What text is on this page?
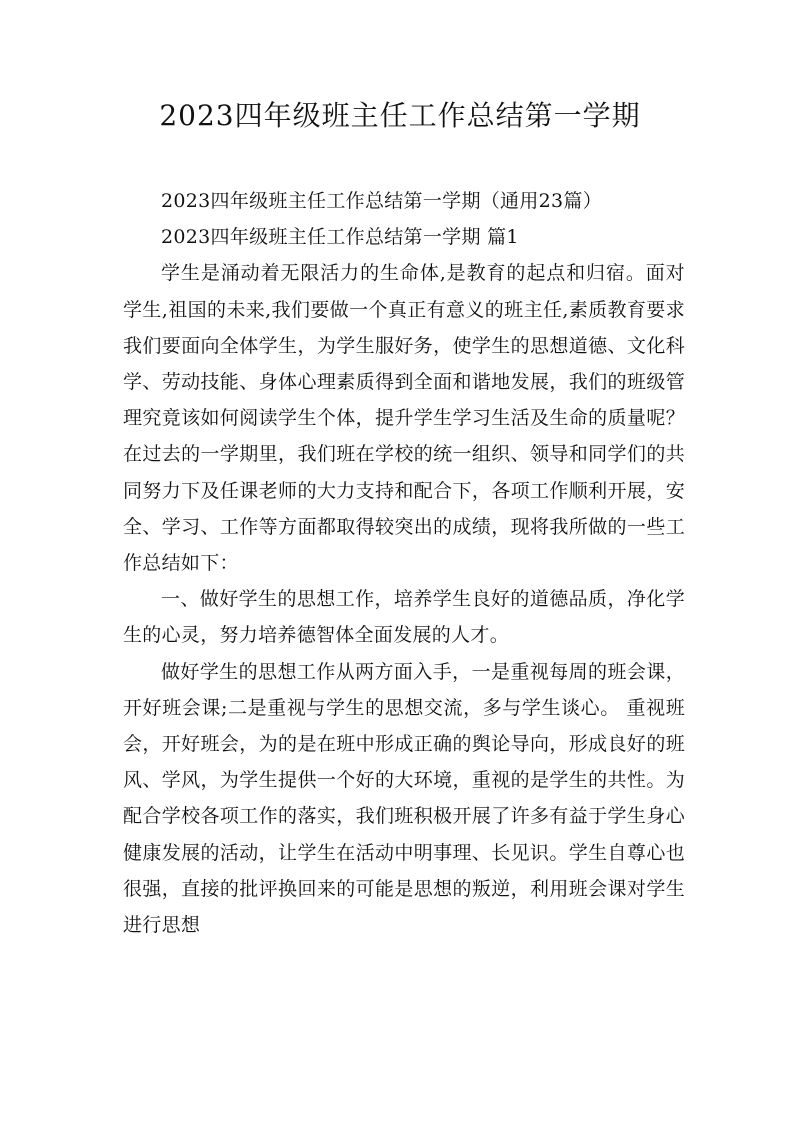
2023四年级班主任工作总结第一学期

2023四年级班主任工作总结第一学期（通用23篇）

2023四年级班主任工作总结第一学期 篇1

学生是涌动着无限活力的生命体,是教育的起点和归宿。面对学生,祖国的未来,我们要做一个真正有意义的班主任,素质教育要求我们要面向全体学生，为学生服好务，使学生的思想道德、文化科学、劳动技能、身体心理素质得到全面和谐地发展，我们的班级管理究竟该如何阅读学生个体，提升学生学习生活及生命的质量呢？在过去的一学期里，我们班在学校的统一组织、领导和同学们的共同努力下及任课老师的大力支持和配合下，各项工作顺利开展，安全、学习、工作等方面都取得较突出的成绩，现将我所做的一些工作总结如下：

一、做好学生的思想工作，培养学生良好的道德品质，净化学生的心灵，努力培养德智体全面发展的人才。

做好学生的思想工作从两方面入手，一是重视每周的班会课，开好班会课;二是重视与学生的思想交流，多与学生谈心。 重视班会，开好班会，为的是在班中形成正确的舆论导向，形成良好的班风、学风，为学生提供一个好的大环境，重视的是学生的共性。为配合学校各项工作的落实，我们班积极开展了许多有益于学生身心健康发展的活动，让学生在活动中明事理、长见识。学生自尊心也很强，直接的批评换回来的可能是思想的叛逆，利用班会课对学生进行思想
